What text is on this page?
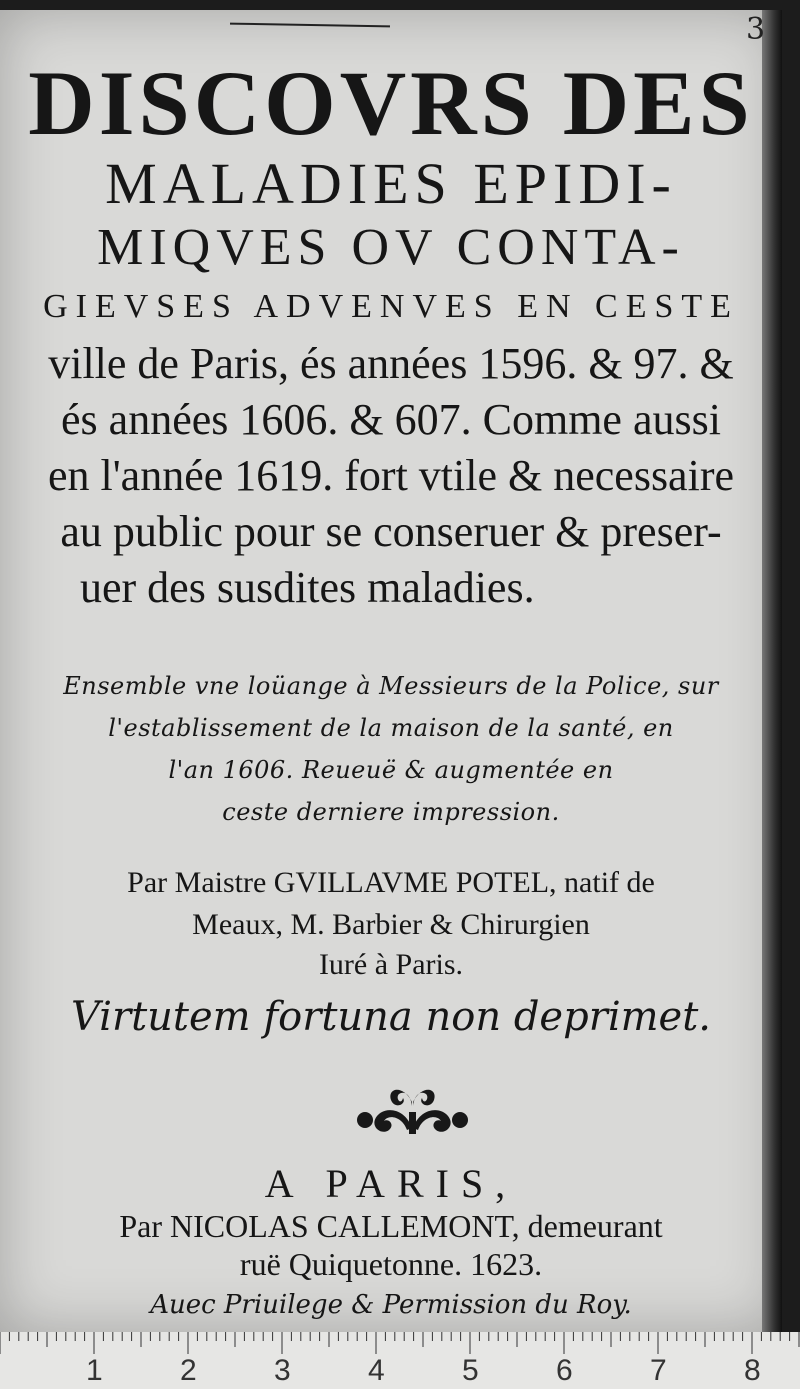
3
DISCOVRS DES
MALADIES EPIDI-
MIQVES OV CONTA-
GIEVSES ADVENVES EN CESTE
ville de Paris, és années 1596. & 97. &
és années 1606. & 607. Comme aussi
en l'année 1619. fort vtile & necessaire
au public pour se conseruer & preser-
uer des susdites maladies.
Ensemble vne loüange à Messieurs de la Police, sur
l'establissement de la maison de la santé, en
l'an 1606. Reueuë & augmentée en
ceste derniere impression.
Par Maistre GVILLAVME POTEL, natif de
Meaux, M. Barbier & Chirurgien
Iuré à Paris.
Virtutem fortuna non deprimet.
A PARIS,
Par NICOLAS CALLEMONT, demeurant
ruë Quiquetonne. 1623.
Auec Priuilege & Permission du Roy.
1	2	3	4	5	6	7	8
